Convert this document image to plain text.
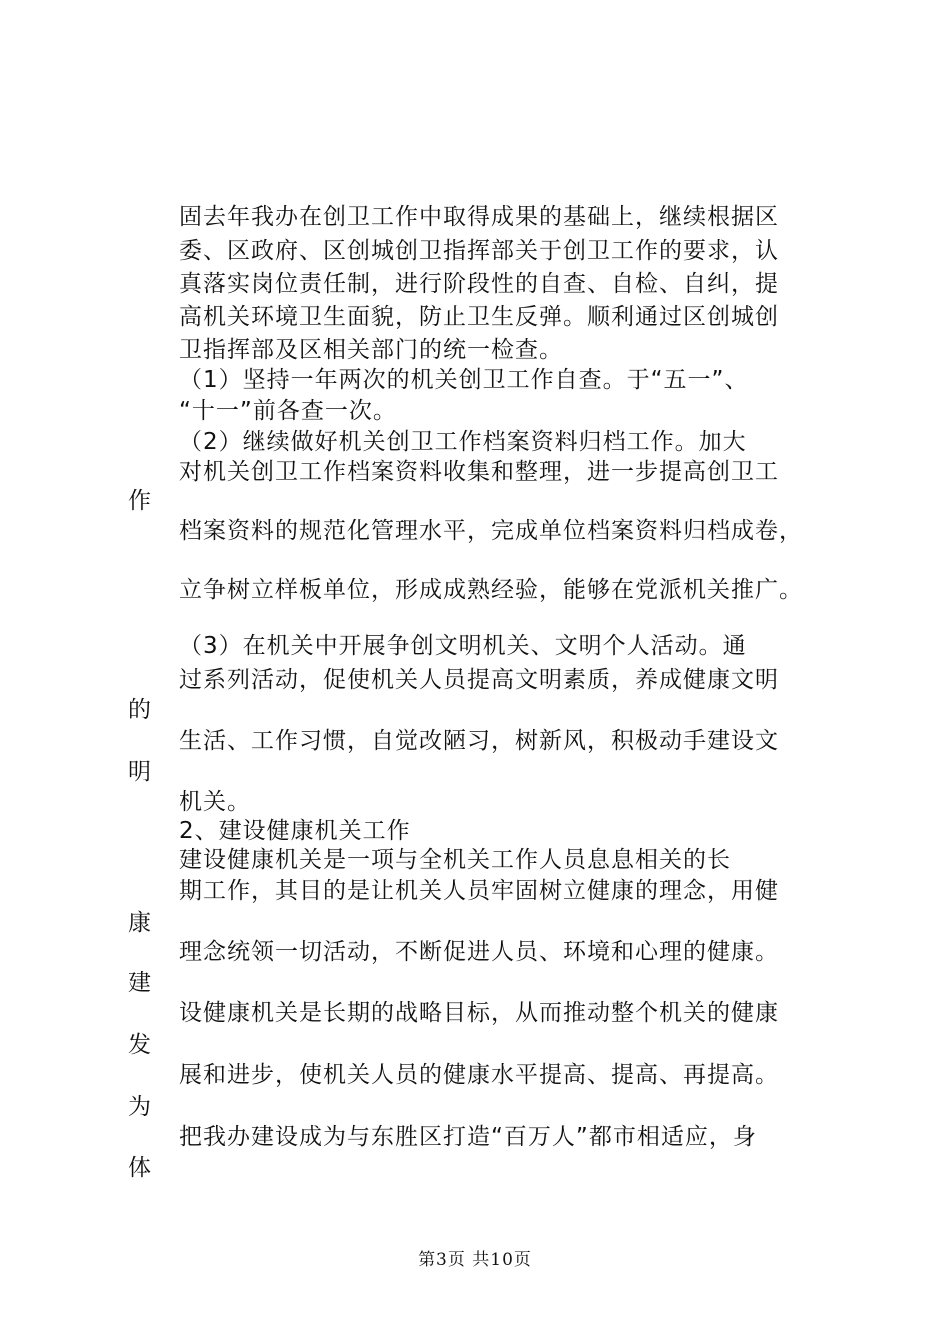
固去年我办在创卫工作中取得成果的基础上，继续根据区
委、区政府、区创城创卫指挥部关于创卫工作的要求，认
真落实岗位责任制，进行阶段性的自查、自检、自纠，提
高机关环境卫生面貌，防止卫生反弹。顺利通过区创城创
卫指挥部及区相关部门的统一检查。
（1）坚持一年两次的机关创卫工作自查。于“五一”、
“十一”前各查一次。
（2）继续做好机关创卫工作档案资料归档工作。加大
对机关创卫工作档案资料收集和整理，进一步提高创卫工
作
档案资料的规范化管理水平，完成单位档案资料归档成卷，
立争树立样板单位，形成成熟经验，能够在党派机关推广。
（3）在机关中开展争创文明机关、文明个人活动。通
过系列活动，促使机关人员提高文明素质，养成健康文明
的
生活、工作习惯，自觉改陋习，树新风，积极动手建设文
明
机关。
2、建设健康机关工作
建设健康机关是一项与全机关工作人员息息相关的长
期工作，其目的是让机关人员牢固树立健康的理念，用健
康
理念统领一切活动，不断促进人员、环境和心理的健康。
建
设健康机关是长期的战略目标，从而推动整个机关的健康
发
展和进步，使机关人员的健康水平提高、提高、再提高。
为
把我办建设成为与东胜区打造“百万人”都市相适应，身
体
第3页 共10页
